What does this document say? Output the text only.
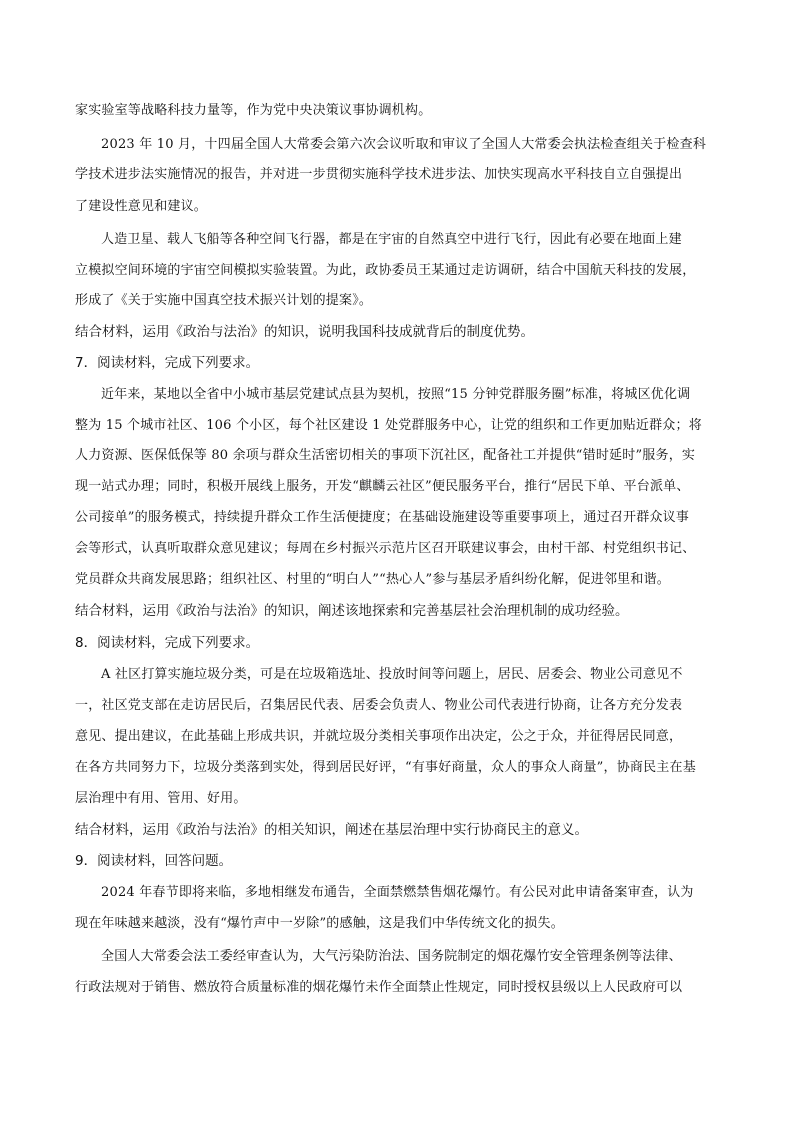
家实验室等战略科技力量等，作为党中央决策议事协调机构。
2023 年 10 月，十四届全国人大常委会第六次会议听取和审议了全国人大常委会执法检查组关于检查科
学技术进步法实施情况的报告，并对进一步贯彻实施科学技术进步法、加快实现高水平科技自立自强提出
了建设性意见和建议。
人造卫星、载人飞船等各种空间飞行器，都是在宇宙的自然真空中进行飞行，因此有必要在地面上建
立模拟空间环境的宇宙空间模拟实验装置。为此，政协委员王某通过走访调研，结合中国航天科技的发展，
形成了《关于实施中国真空技术振兴计划的提案》。
结合材料，运用《政治与法治》的知识，说明我国科技成就背后的制度优势。
7．阅读材料，完成下列要求。
近年来，某地以全省中小城市基层党建试点县为契机，按照“15 分钟党群服务圈”标准，将城区优化调
整为 15 个城市社区、106 个小区，每个社区建设 1 处党群服务中心，让党的组织和工作更加贴近群众；将
人力资源、医保低保等 80 余项与群众生活密切相关的事项下沉社区，配备社工并提供“错时延时”服务，实
现一站式办理；同时，积极开展线上服务，开发“麒麟云社区”便民服务平台，推行“居民下单、平台派单、
公司接单”的服务模式，持续提升群众工作生活便捷度；在基础设施建设等重要事项上，通过召开群众议事
会等形式，认真听取群众意见建议；每周在乡村振兴示范片区召开联建议事会，由村干部、村党组织书记、
党员群众共商发展思路；组织社区、村里的“明白人”“热心人”参与基层矛盾纠纷化解，促进邻里和谐。
结合材料，运用《政治与法治》的知识，阐述该地探索和完善基层社会治理机制的成功经验。
8．阅读材料，完成下列要求。
A 社区打算实施垃圾分类，可是在垃圾箱选址、投放时间等问题上，居民、居委会、物业公司意见不
一，社区党支部在走访居民后，召集居民代表、居委会负责人、物业公司代表进行协商，让各方充分发表
意见、提出建议，在此基础上形成共识，并就垃圾分类相关事项作出决定，公之于众，并征得居民同意，
在各方共同努力下，垃圾分类落到实处，得到居民好评，“有事好商量，众人的事众人商量”，协商民主在基
层治理中有用、管用、好用。
结合材料，运用《政治与法治》的相关知识，阐述在基层治理中实行协商民主的意义。
9．阅读材料，回答问题。
2024 年春节即将来临，多地相继发布通告，全面禁燃禁售烟花爆竹。有公民对此申请备案审查，认为
现在年味越来越淡，没有“爆竹声中一岁除”的感触，这是我们中华传统文化的损失。
全国人大常委会法工委经审查认为，大气污染防治法、国务院制定的烟花爆竹安全管理条例等法律、
行政法规对于销售、燃放符合质量标准的烟花爆竹未作全面禁止性规定，同时授权县级以上人民政府可以
